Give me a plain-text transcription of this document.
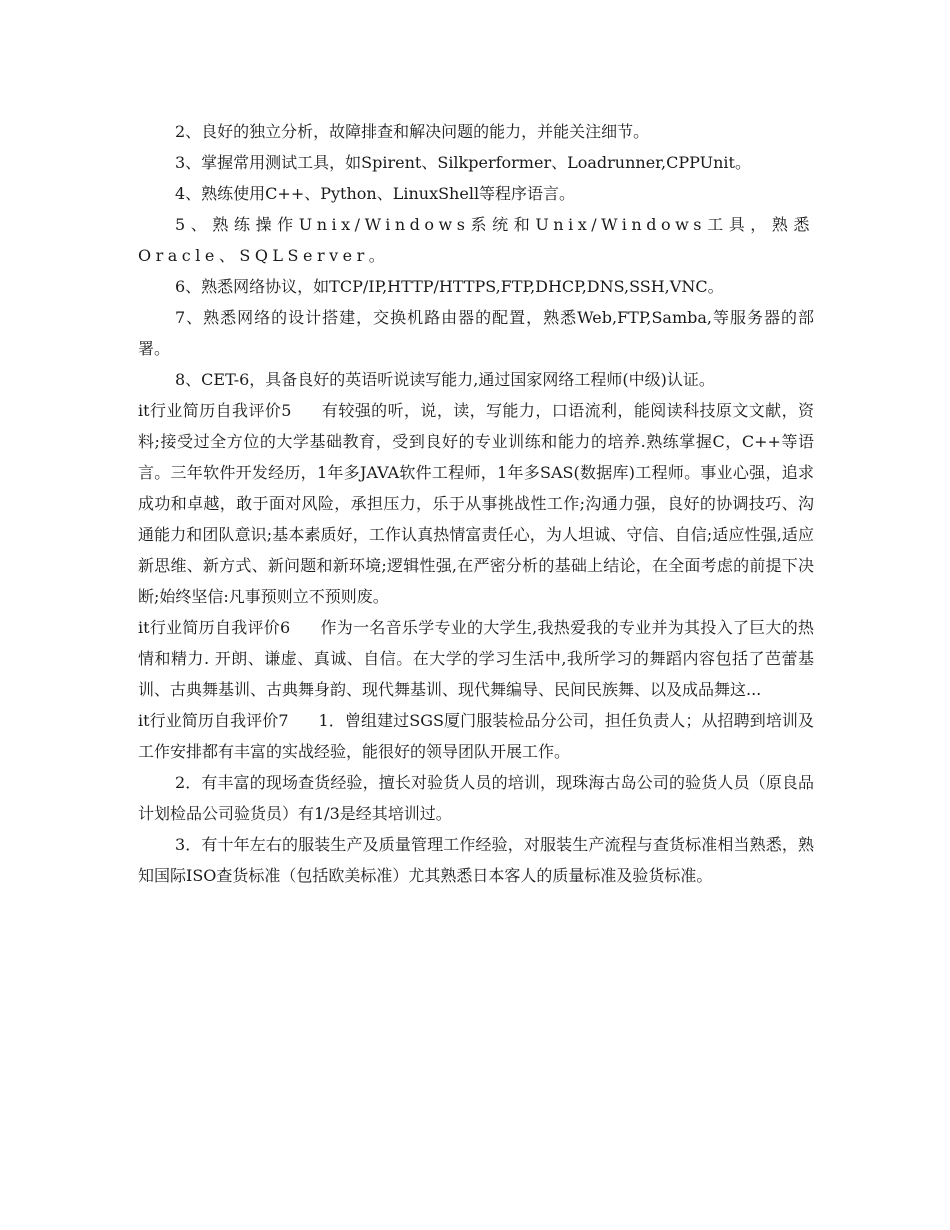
2、良好的独立分析，故障排查和解决问题的能力，并能关注细节。

3、掌握常用测试工具，如Spirent、Silkperformer、Loadrunner,CPPUnit。

4、熟练使用C++、Python、LinuxShell等程序语言。

5、熟练操作Unix/Windows系统和Unix/Windows工具，熟悉Oracle、SQLServer。

6、熟悉网络协议，如TCP/IP,HTTP/HTTPS,FTP,DHCP,DNS,SSH,VNC。

7、熟悉网络的设计搭建，交换机路由器的配置，熟悉Web,FTP,Samba,等服务器的部署。

8、CET-6，具备良好的英语听说读写能力,通过国家网络工程师(中级)认证。

it行业简历自我评价5 有较强的听，说，读，写能力，口语流利，能阅读科技原文文献，资料;接受过全方位的大学基础教育，受到良好的专业训练和能力的培养.熟练掌握C，C++等语言。三年软件开发经历，1年多JAVA软件工程师，1年多SAS(数据库)工程师。事业心强，追求成功和卓越，敢于面对风险，承担压力，乐于从事挑战性工作;沟通力强，良好的协调技巧、沟通能力和团队意识;基本素质好，工作认真热情富责任心，为人坦诚、守信、自信;适应性强,适应新思维、新方式、新问题和新环境;逻辑性强,在严密分析的基础上结论，在全面考虑的前提下决断;始终坚信:凡事预则立不预则废。

it行业简历自我评价6 作为一名音乐学专业的大学生,我热爱我的专业并为其投入了巨大的热情和精力. 开朗、谦虚、真诚、自信。在大学的学习生活中,我所学习的舞蹈内容包括了芭蕾基训、古典舞基训、古典舞身韵、现代舞基训、现代舞编导、民间民族舞、以及成品舞这...

it行业简历自我评价7 1．曾组建过SGS厦门服装检品分公司，担任负责人；从招聘到培训及工作安排都有丰富的实战经验，能很好的领导团队开展工作。

2．有丰富的现场查货经验，擅长对验货人员的培训，现珠海古岛公司的验货人员（原良品计划检品公司验货员）有1/3是经其培训过。

3．有十年左右的服装生产及质量管理工作经验，对服装生产流程与查货标准相当熟悉，熟知国际ISO查货标准（包括欧美标准）尤其熟悉日本客人的质量标准及验货标准。
